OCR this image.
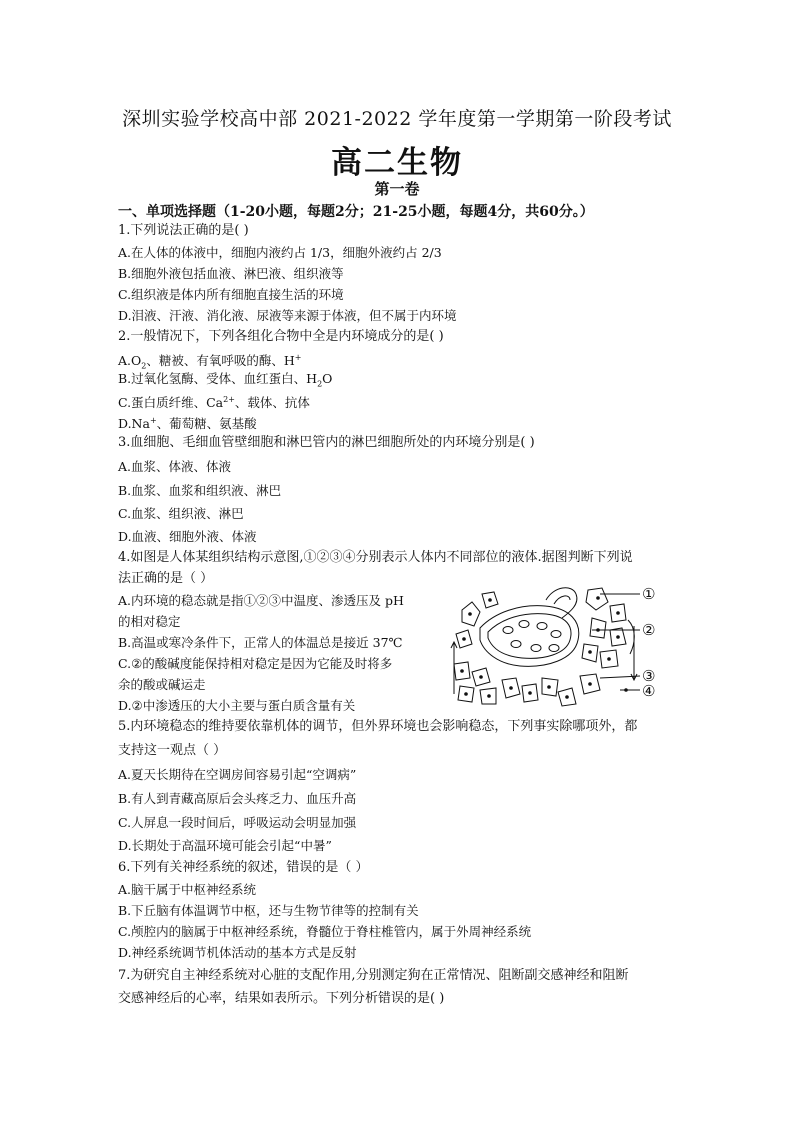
深圳实验学校高中部 2021-2022 学年度第一学期第一阶段考试
高二生物
第一卷
一、单项选择题（1-20小题，每题2分；21-25小题，每题4分，共60分。）
1.下列说法正确的是( )
A.在人体的体液中，细胞内液约占 1/3，细胞外液约占 2/3
B.细胞外液包括血液、淋巴液、组织液等
C.组织液是体内所有细胞直接生活的环境
D.泪液、汗液、消化液、尿液等来源于体液，但不属于内环境
2.一般情况下，下列各组化合物中全是内环境成分的是( )
$A.O_2$、糖被、有氧呼吸的酶、H+
B.过氧化氢酶、受体、血红蛋白、$H_2O$
C.蛋白质纤维、$Ca^{2+}$、载体、抗体
D.Na+、葡萄糖、氨基酸
3.血细胞、毛细血管壁细胞和淋巴管内的淋巴细胞所处的内环境分别是( )
A.血浆、体液、体液
B.血浆、血浆和组织液、淋巴
C.血浆、组织液、淋巴
D.血液、细胞外液、体液
4.如图是人体某组织结构示意图,①②③④分别表示人体内不同部位的液体.据图判断下列说
法正确的是（ ）
A.内环境的稳态就是指①②③中温度、渗透压及 pH
的相对稳定
B.高温或寒冷条件下，正常人的体温总是接近 37℃
C.②的酸碱度能保持相对稳定是因为它能及时将多
余的酸或碱运走
D.②中渗透压的大小主要与蛋白质含量有关
①
②
③
④
5.内环境稳态的维持要依靠机体的调节，但外界环境也会影响稳态，下列事实除哪项外，都
支持这一观点（ ）
A.夏天长期待在空调房间容易引起“空调病”
B.有人到青藏高原后会头疼乏力、血压升高
C.人屏息一段时间后，呼吸运动会明显加强
D.长期处于高温环境可能会引起“中暑”
6.下列有关神经系统的叙述，错误的是（ ）
A.脑干属于中枢神经系统
B.下丘脑有体温调节中枢，还与生物节律等的控制有关
C.颅腔内的脑属于中枢神经系统，脊髓位于脊柱椎管内，属于外周神经系统
D.神经系统调节机体活动的基本方式是反射
7.为研究自主神经系统对心脏的支配作用,分别测定狗在正常情况、阻断副交感神经和阻断
交感神经后的心率，结果如表所示。下列分析错误的是( )
